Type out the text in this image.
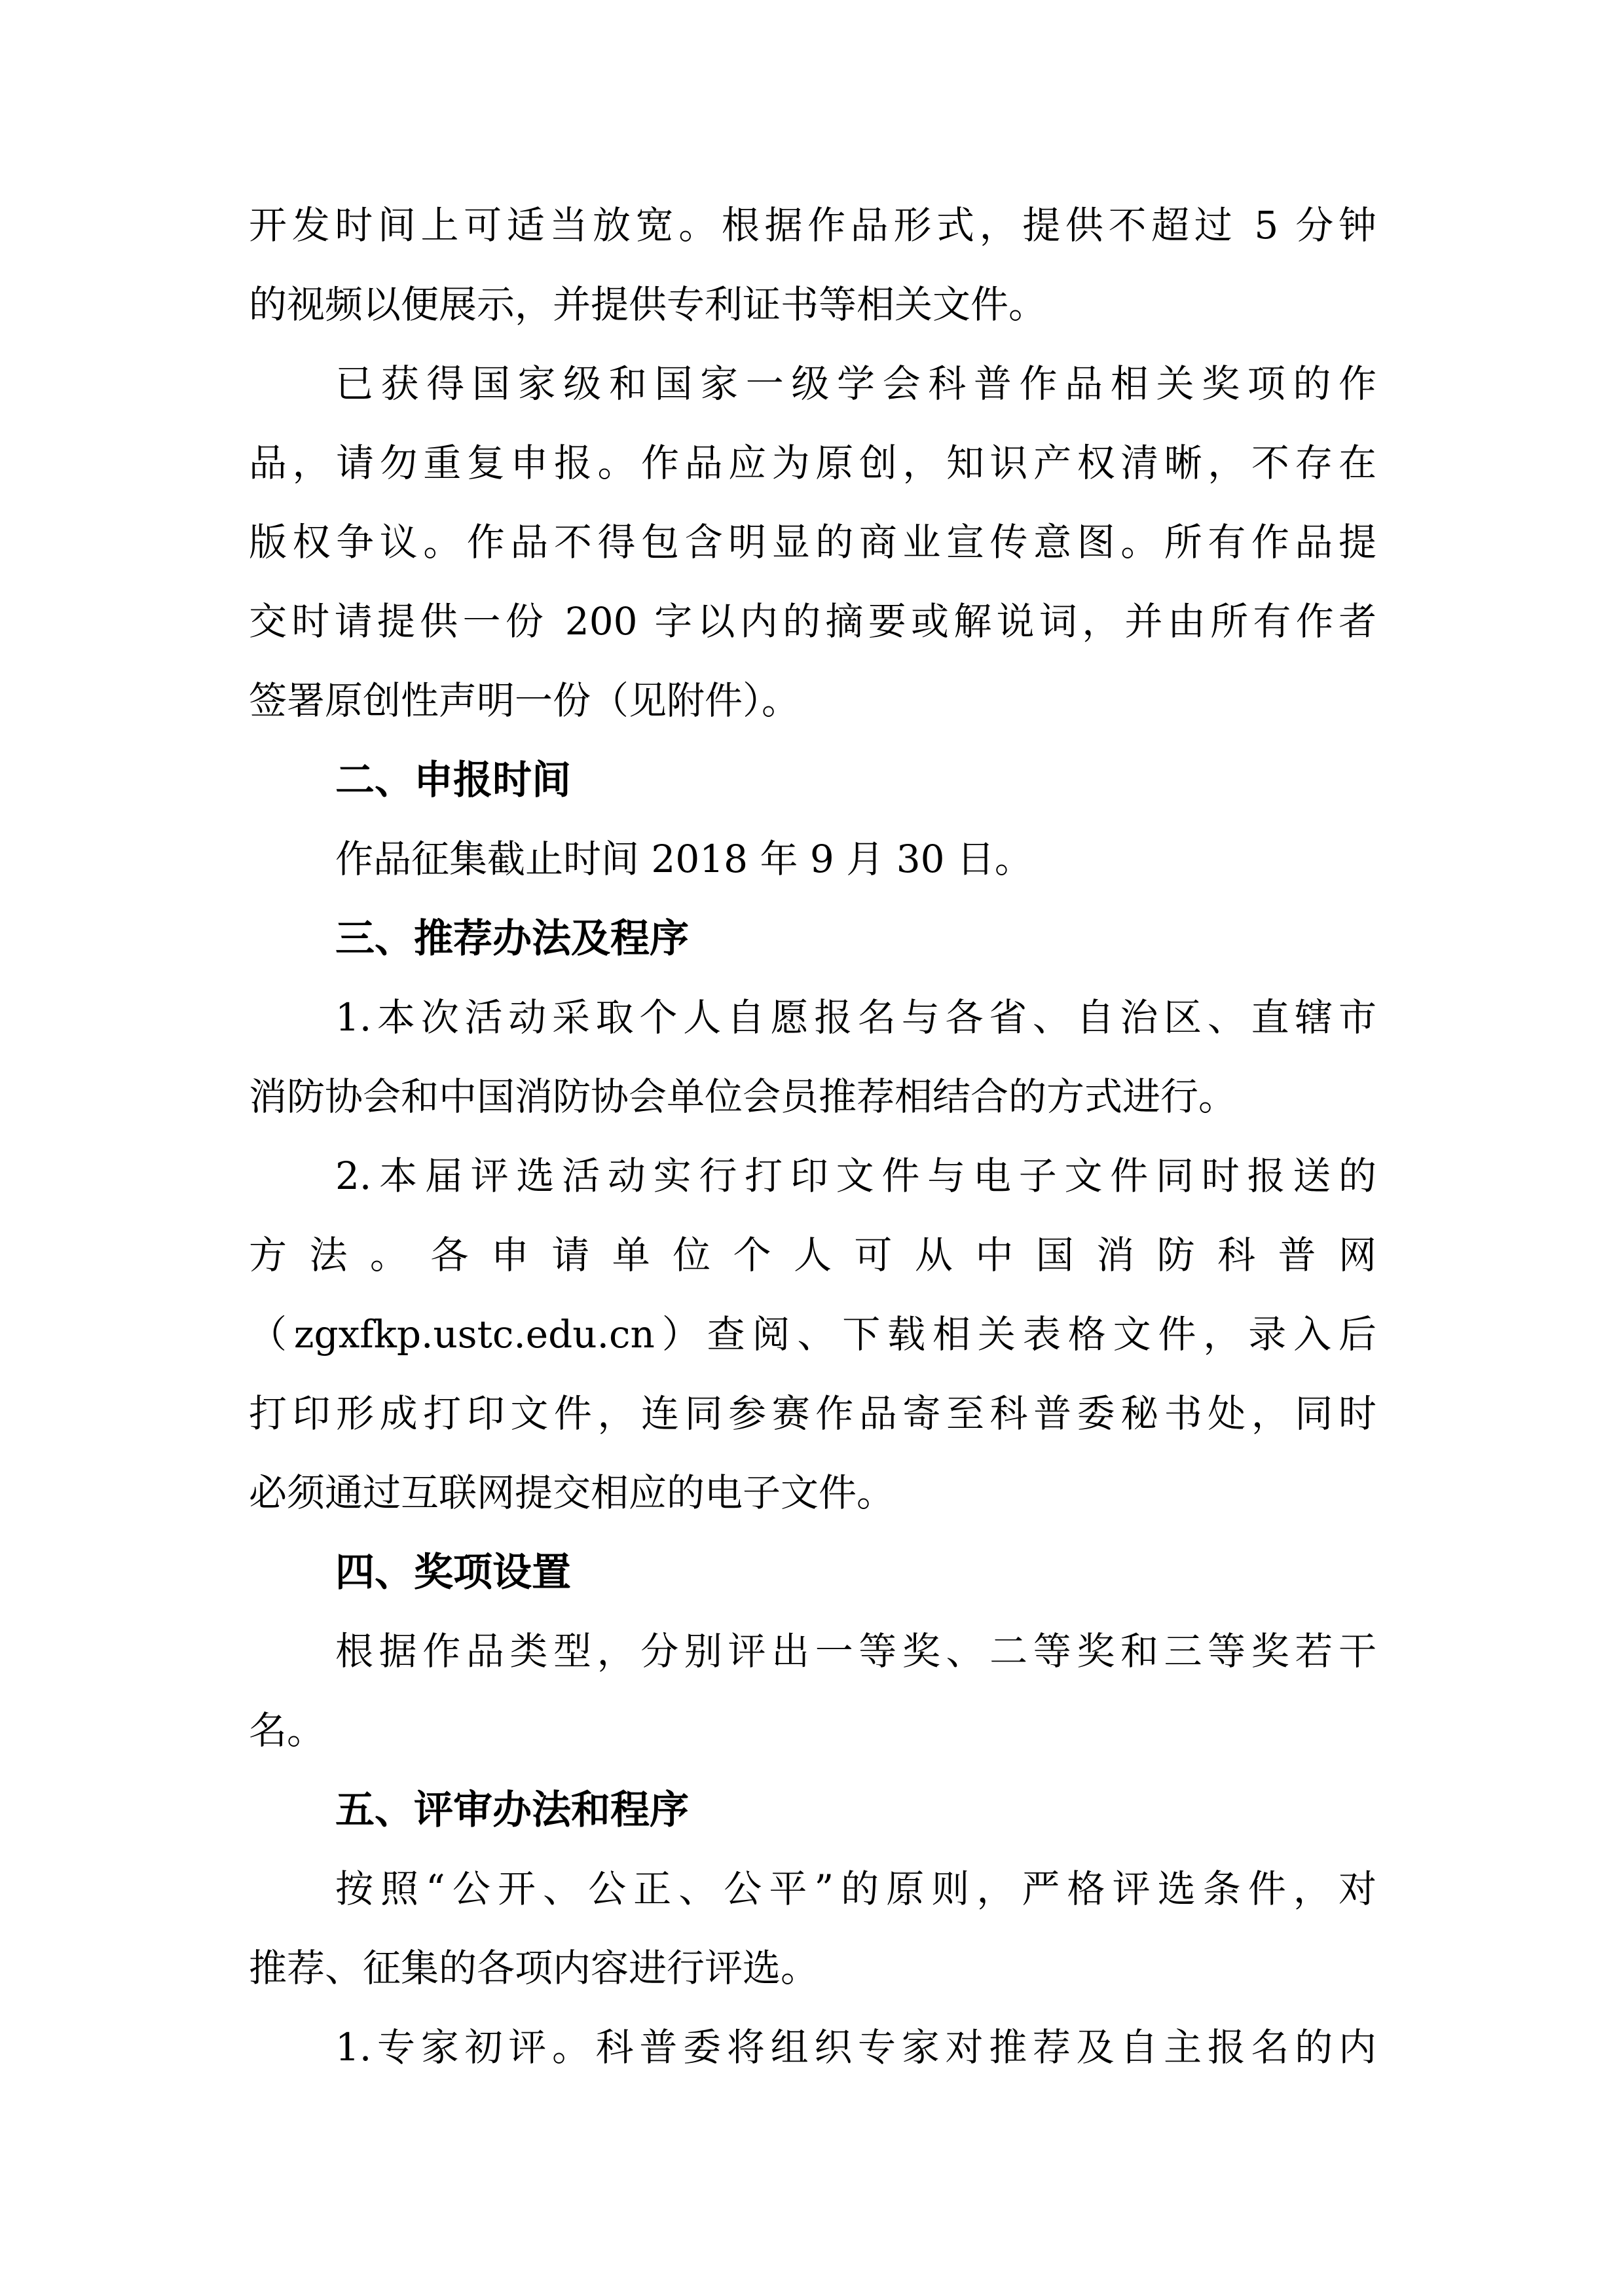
开发时间上可适当放宽。根据作品形式，提供不超过 5 分钟
的视频以便展示，并提供专利证书等相关文件。
已获得国家级和国家一级学会科普作品相关奖项的作
品，请勿重复申报。作品应为原创，知识产权清晰，不存在
版权争议。作品不得包含明显的商业宣传意图。所有作品提
交时请提供一份 200 字以内的摘要或解说词，并由所有作者
签署原创性声明一份（见附件）。
二、申报时间
作品征集截止时间 2018 年 9 月 30 日。
三、推荐办法及程序
1.本次活动采取个人自愿报名与各省、自治区、直辖市
消防协会和中国消防协会单位会员推荐相结合的方式进行。
2.本届评选活动实行打印文件与电子文件同时报送的
方 法 。 各 申 请 单 位 个 人 可 从 中 国 消 防 科 普 网
（zgxfkp.ustc.edu.cn）查阅、下载相关表格文件，录入后
打印形成打印文件，连同参赛作品寄至科普委秘书处，同时
必须通过互联网提交相应的电子文件。
四、奖项设置
根据作品类型，分别评出一等奖、二等奖和三等奖若干
名。
五、评审办法和程序
按照“公开、公正、公平”的原则，严格评选条件，对
推荐、征集的各项内容进行评选。
1.专家初评。科普委将组织专家对推荐及自主报名的内
